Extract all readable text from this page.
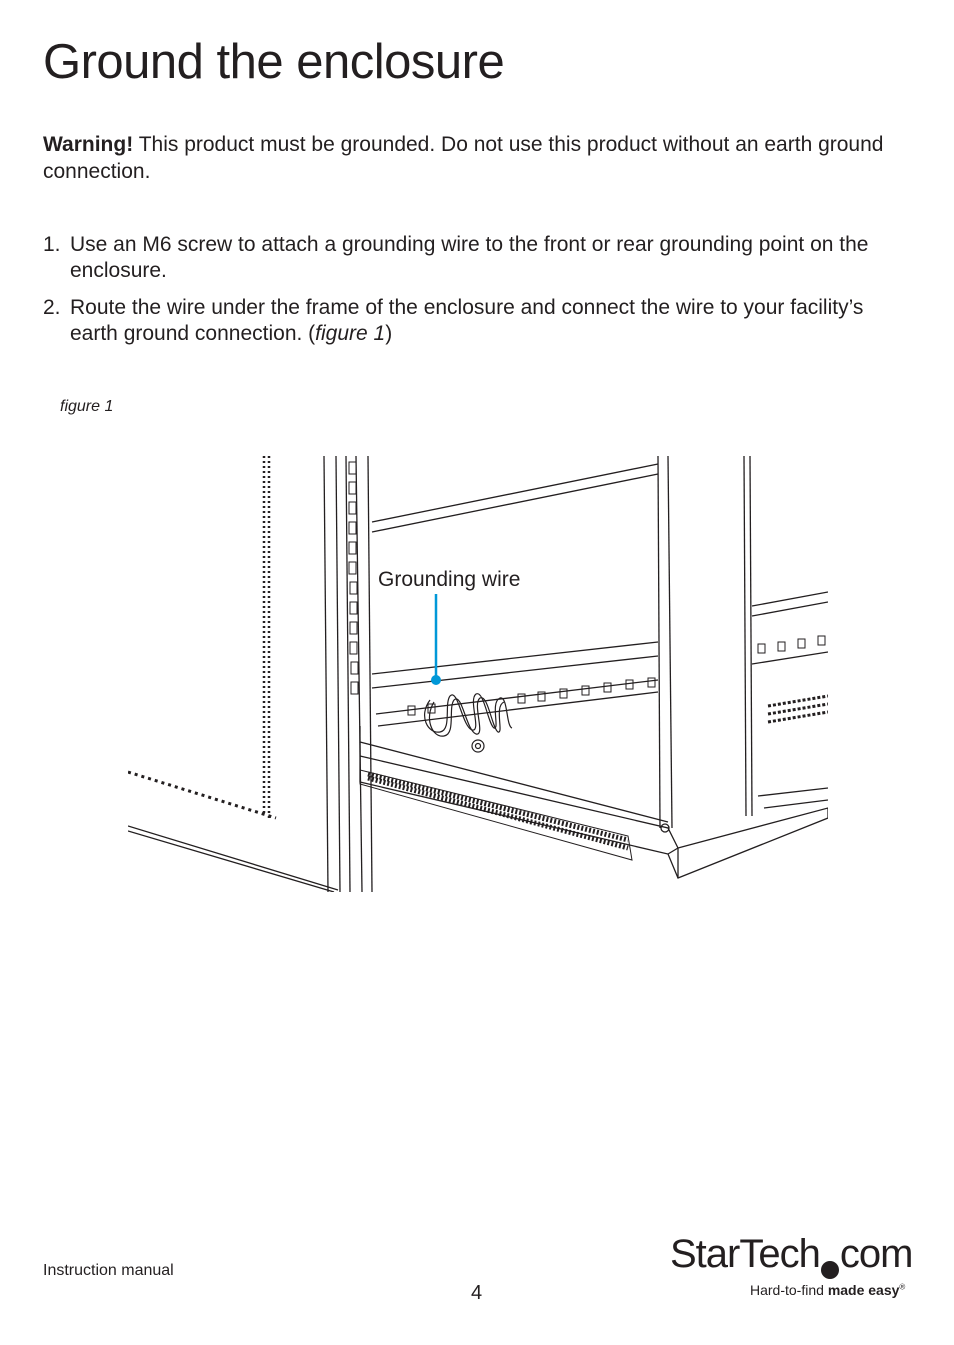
Ground the enclosure

Warning! This product must be grounded. Do not use this product without an earth ground connection.

1. Use an M6 screw to attach a grounding wire to the front or rear grounding point on the enclosure.
2. Route the wire under the frame of the enclosure and connect the wire to your facility’s earth ground connection. (figure 1)

figure 1

Grounding wire

Instruction manual

4

StarTech com
Hard-to-find made easy®
